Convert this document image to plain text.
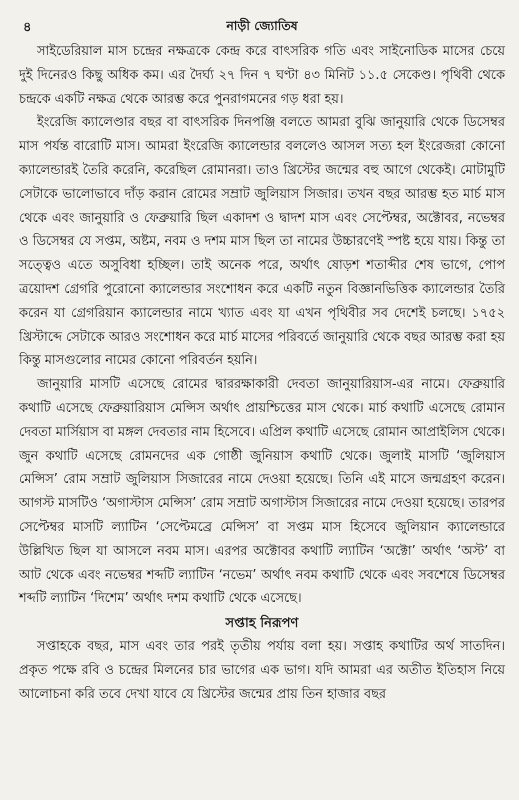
৪	নাড়ী জ্যোতিষ

সাইডেরিয়াল মাস চন্দ্রের নক্ষত্রকে কেন্দ্র করে বাৎসরিক গতি এবং সাইনোডিক মাসের চেয়ে দুই দিনেরও কিছু অধিক কম। এর দৈর্ঘ্য ২৭ দিন ৭ ঘণ্টা ৪৩ মিনিট ১১.৫ সেকেণ্ড। পৃথিবী থেকে চন্দ্রকে একটি নক্ষত্র থেকে আরম্ভ করে পুনরাগমনের গড় ধরা হয়।

ইংরেজি ক্যালেণ্ডার বছর বা বাৎসরিক দিনপঞ্জি বলতে আমরা বুঝি জানুয়ারি থেকে ডিসেম্বর মাস পর্যন্ত বারোটি মাস। আমরা ইংরেজি ক্যালেন্ডার বললেও আসল সত্য হল ইংরেজরা কোনো ক্যালেন্ডারই তৈরি করেনি, করেছিল রোমানরা। তাও খ্রিস্টের জন্মের বহু আগে থেকেই। মোটামুটি সেটাকে ভালোভাবে দাঁড় করান রোমের সম্রাট জুলিয়াস সিজার। তখন বছর আরম্ভ হত মার্চ মাস থেকে এবং জানুয়ারি ও ফেব্রুয়ারি ছিল একাদশ ও দ্বাদশ মাস এবং সেপ্টেম্বর, অক্টোবর, নভেম্বর ও ডিসেম্বর যে সপ্তম, অষ্টম, নবম ও দশম মাস ছিল তা নামের উচ্চারণেই স্পষ্ট হয়ে যায়। কিন্তু তা সত্ত্বেও এতে অসুবিধা হচ্ছিল। তাই অনেক পরে, অর্থাৎ ষোড়শ শতাব্দীর শেষ ভাগে, পোপ ত্রয়োদশ গ্রেগরি পুরোনো ক্যালেন্ডার সংশোধন করে একটি নতুন বিজ্ঞানভিত্তিক ক্যালেন্ডার তৈরি করেন যা গ্রেগরিয়ান ক্যালেন্ডার নামে খ্যাত এবং যা এখন পৃথিবীর সব দেশেই চলছে। ১৭৫২ খ্রিস্টাব্দে সেটাকে আরও সংশোধন করে মার্চ মাসের পরিবর্তে জানুয়ারি থেকে বছর আরম্ভ করা হয় কিন্তু মাসগুলোর নামের কোনো পরিবর্তন হয়নি।

জানুয়ারি মাসটি এসেছে রোমের দ্বাররক্ষাকারী দেবতা জানুয়ারিয়াস-এর নামে। ফেব্রুয়ারি কথাটি এসেছে ফেব্রুয়ারিয়াস মেন্সিস অর্থাৎ প্রায়শ্চিত্তের মাস থেকে। মার্চ কথাটি এসেছে রোমান দেবতা মার্সিয়াস বা মঙ্গল দেবতার নাম হিসেবে। এপ্রিল কথাটি এসেছে রোমান আপ্রাইলিস থেকে। জুন কথাটি এসেছে রোমনদের এক গোষ্ঠী জুনিয়াস কথাটি থেকে। জুলাই মাসটি ‘জুলিয়াস মেন্সিস’ রোম সম্রাট জুলিয়াস সিজারের নামে দেওয়া হয়েছে। তিনি এই মাসে জন্মগ্রহণ করেন। আগস্ট মাসটিও ‘অগাস্টাস মেন্সিস’ রোম সম্রাট অগাস্টাস সিজারের নামে দেওয়া হয়েছে। তারপর সেপ্টেম্বর মাসটি ল্যাটিন ‘সেপ্টেমব্রে মেন্সিস’ বা সপ্তম মাস হিসেবে জুলিয়ান ক্যালেন্ডারে উল্লিখিত ছিল যা আসলে নবম মাস। এরপর অক্টোবর কথাটি ল্যাটিন ‘অক্টো’ অর্থাৎ ‘অস্ট’ বা আট থেকে এবং নভেম্বর শব্দটি ল্যাটিন ‘নভেম’ অর্থাৎ নবম কথাটি থেকে এবং সবশেষে ডিসেম্বর শব্দটি ল্যাটিন ‘দিশেম’ অর্থাৎ দশম কথাটি থেকে এসেছে।

সপ্তাহ নিরূপণ

সপ্তাহকে বছর, মাস এবং তার পরই তৃতীয় পর্যায় বলা হয়। সপ্তাহ কথাটির অর্থ সাতদিন। প্রকৃত পক্ষে রবি ও চন্দ্রের মিলনের চার ভাগের এক ভাগ। যদি আমরা এর অতীত ইতিহাস নিয়ে আলোচনা করি তবে দেখা যাবে যে খ্রিস্টের জন্মের প্রায় তিন হাজার বছর
